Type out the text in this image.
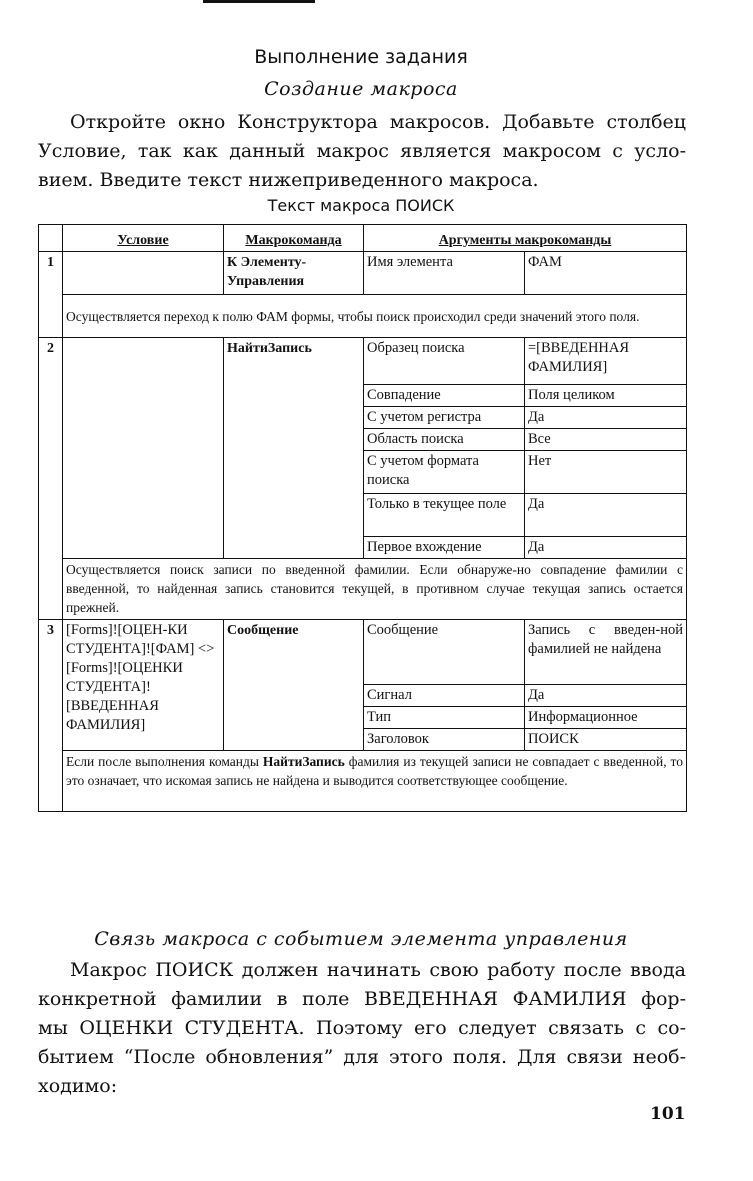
Выполнение задания
Создание макроса
Откройте окно Конструктора макросов. Добавьте столбец
Условие, так как данный макрос является макросом с усло-
вием. Введите текст нижеприведенного макроса.
Текст макроса ПОИСК
	Условие	Макрокоманда	Аргументы макрокоманды	
1		К Элементу-Управления	Имя элемента	ФАМ
	Осуществляется переход к полю ФАМ формы, чтобы поиск происходил среди значений этого поля.			
2		НайтиЗапись	Образец поиска	=[ВВЕДЕННАЯ ФАМИЛИЯ]
			Совпадение	Поля целиком
			С учетом регистра	Да
			Область поиска	Все
			С учетом формата поиска	Нет
			Только в текущее поле	Да
			Первое вхождение	Да
	Осуществляется поиск записи по введенной фамилии. Если обнаруже-но совпадение фамилии с введенной, то найденная запись становится текущей, в противном случае текущая запись остается прежней.			
3	[Forms]![ОЦЕН-КИ СТУДЕНТА]![ФАМ] <> [Forms]![ОЦЕНКИ СТУДЕНТА]![ВВЕДЕННАЯ ФАМИЛИЯ]	Сообщение	Сообщение	Запись с введен-ной фамилией не найдена
			Сигнал	Да
			Тип	Информационное
			Заголовок	ПОИСК
	Если после выполнения команды НайтиЗапись фамилия из текущей записи не совпадает с введенной, то это означает, что искомая запись не найдена и выводится соответствующее сообщение.			
Связь макроса с событием элемента управления
Макрос ПОИСК должен начинать свою работу после ввода
конкретной фамилии в поле ВВЕДЕННАЯ ФАМИЛИЯ фор-
мы ОЦЕНКИ СТУДЕНТА. Поэтому его следует связать с со-
бытием “После обновления” для этого поля. Для связи необ-
ходимо:
101
